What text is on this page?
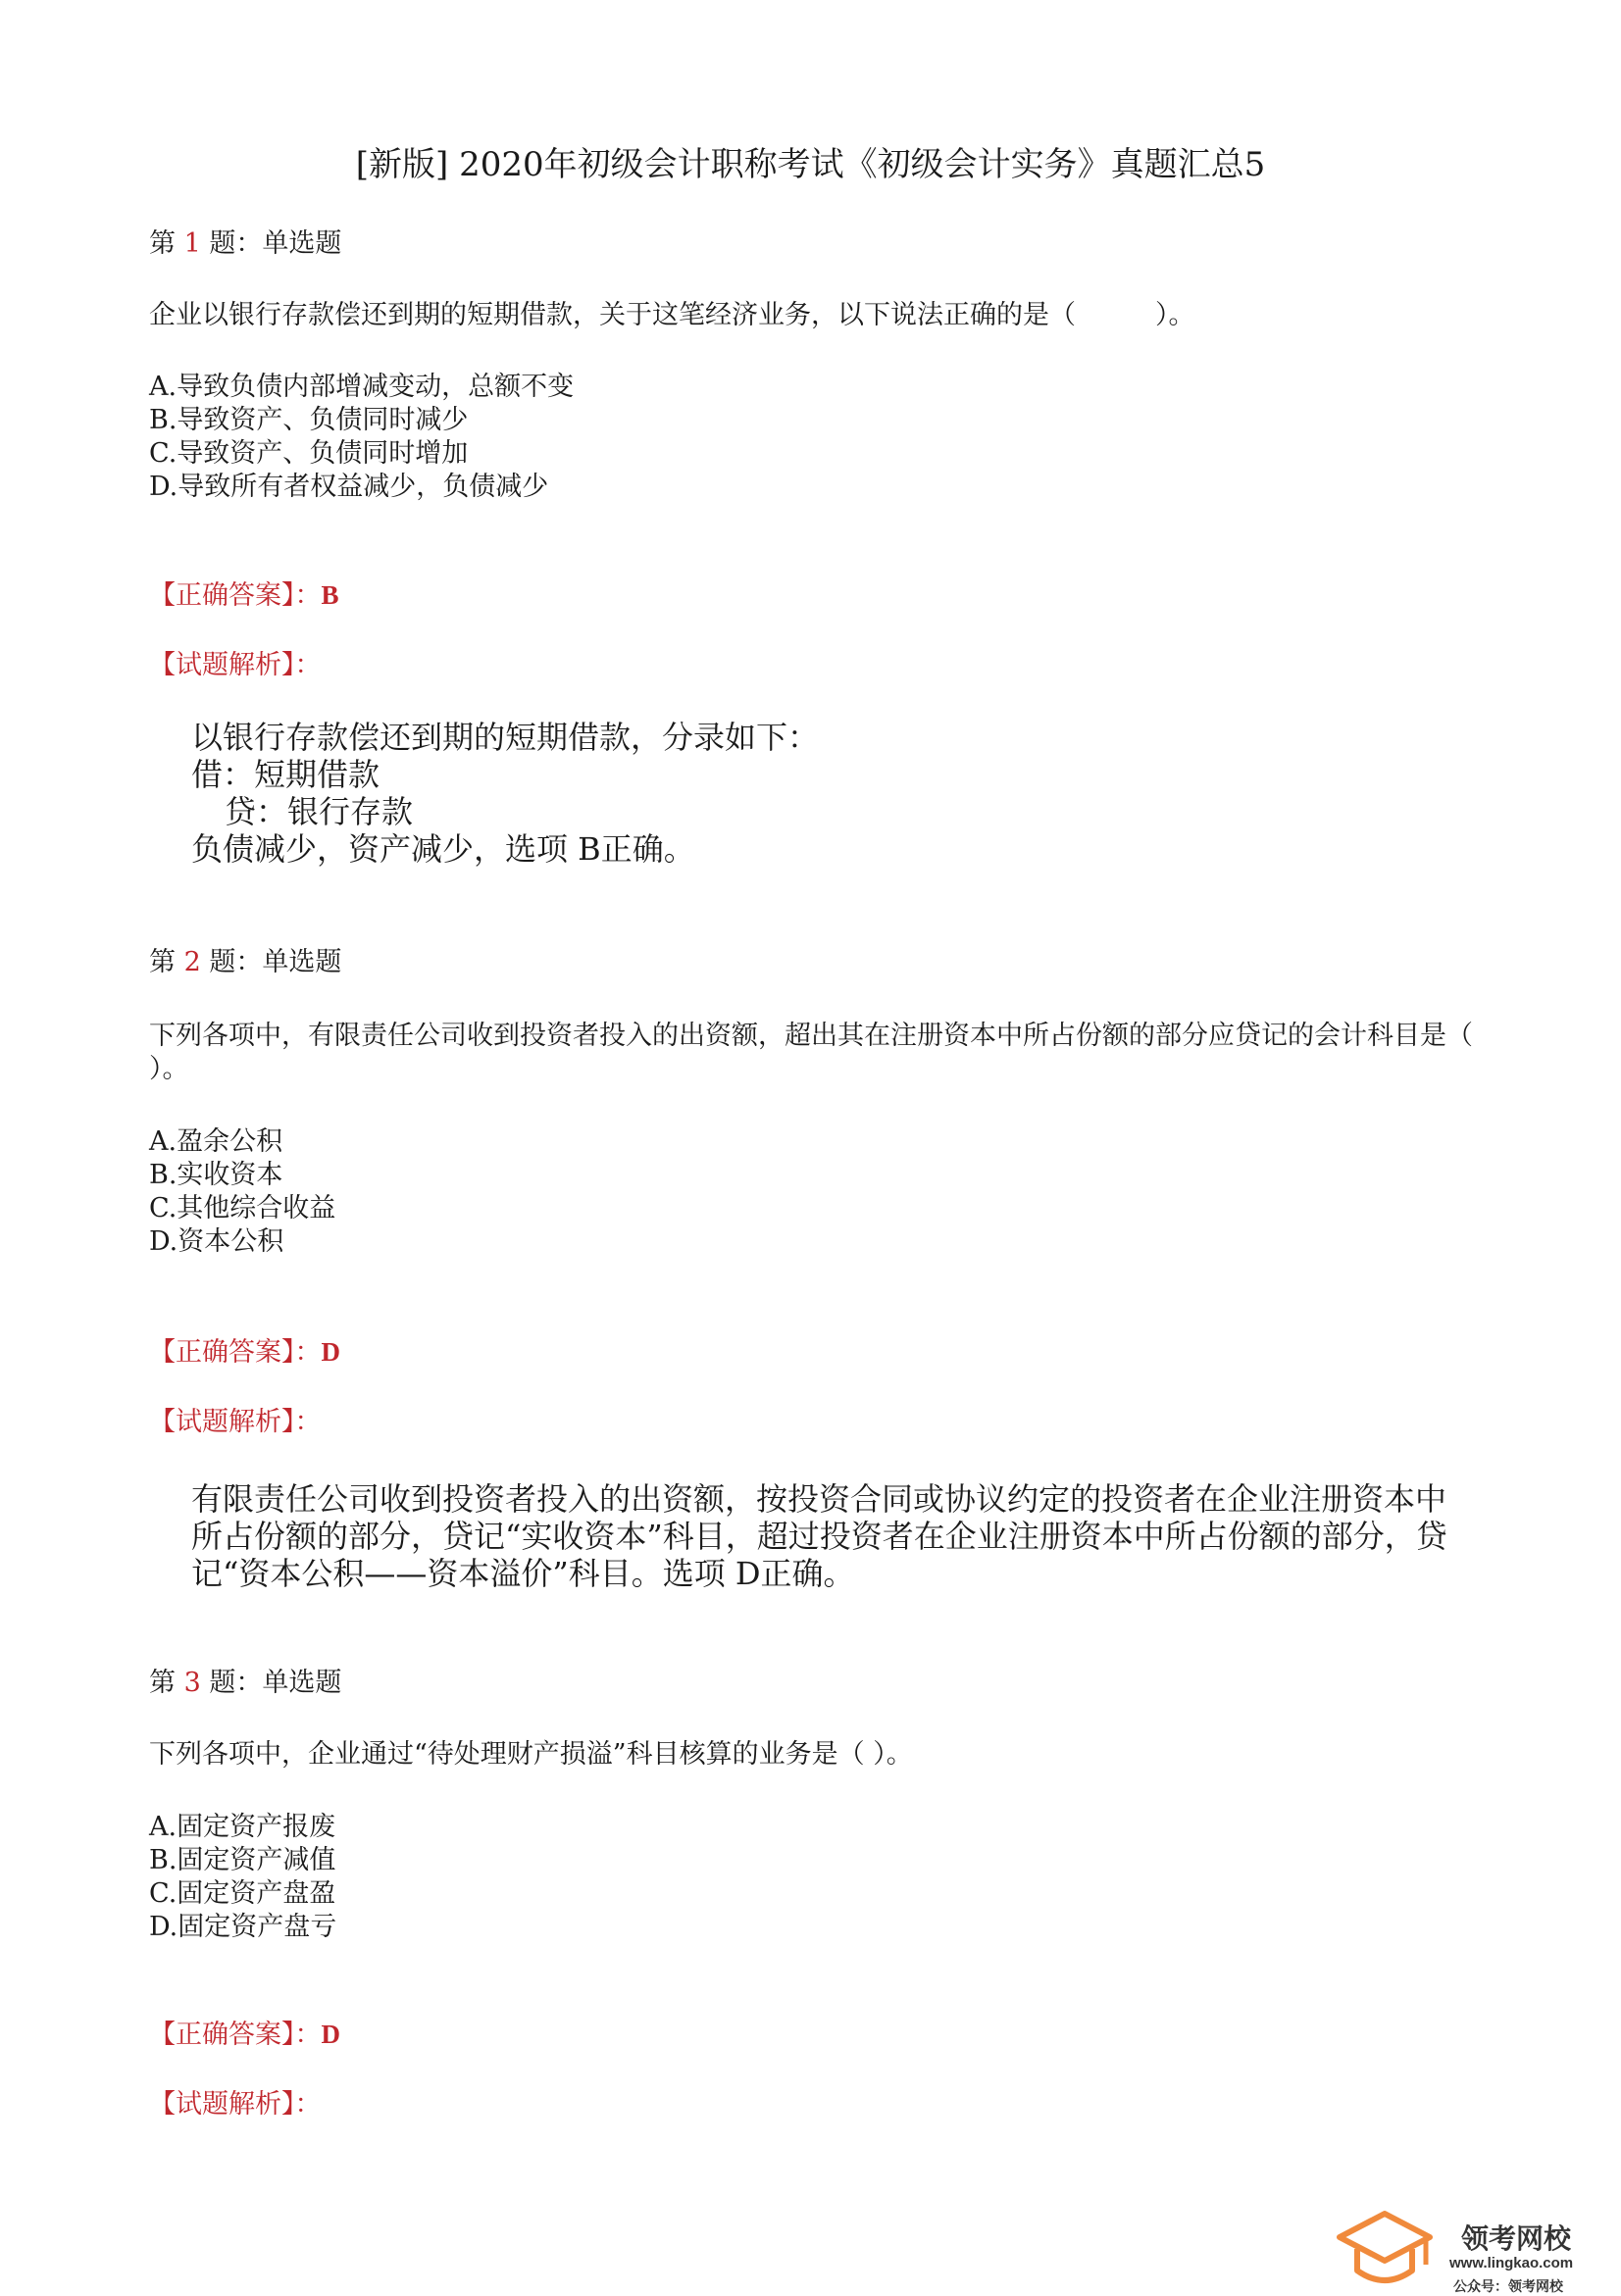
[新版] 2020年初级会计职称考试《初级会计实务》真题汇总5
第 1 题：单选题
企业以银行存款偿还到期的短期借款，关于这笔经济业务，以下说法正确的是（　　　）。
A.导致负债内部增减变动，总额不变
B.导致资产、负债同时减少
C.导致资产、负债同时增加
D.导致所有者权益减少，负债减少
【正确答案】：B
【试题解析】：
以银行存款偿还到期的短期借款，分录如下：
借：短期借款
贷：银行存款
负债减少，资产减少，选项 B正确。
第 2 题：单选题
下列各项中，有限责任公司收到投资者投入的出资额，超出其在注册资本中所占份额的部分应贷记的会计科目是（ ）。
A.盈余公积
B.实收资本
C.其他综合收益
D.资本公积
【正确答案】：D
【试题解析】：
有限责任公司收到投资者投入的出资额，按投资合同或协议约定的投资者在企业注册资本中所占份额的部分，贷记“实收资本”科目，超过投资者在企业注册资本中所占份额的部分，贷记“资本公积——资本溢价”科目。选项 D正确。
第 3 题：单选题
下列各项中，企业通过“待处理财产损溢”科目核算的业务是（ ）。
A.固定资产报废
B.固定资产减值
C.固定资产盘盈
D.固定资产盘亏
【正确答案】：D
【试题解析】：
领考网校
www.lingkao.com
公众号：领考网校
